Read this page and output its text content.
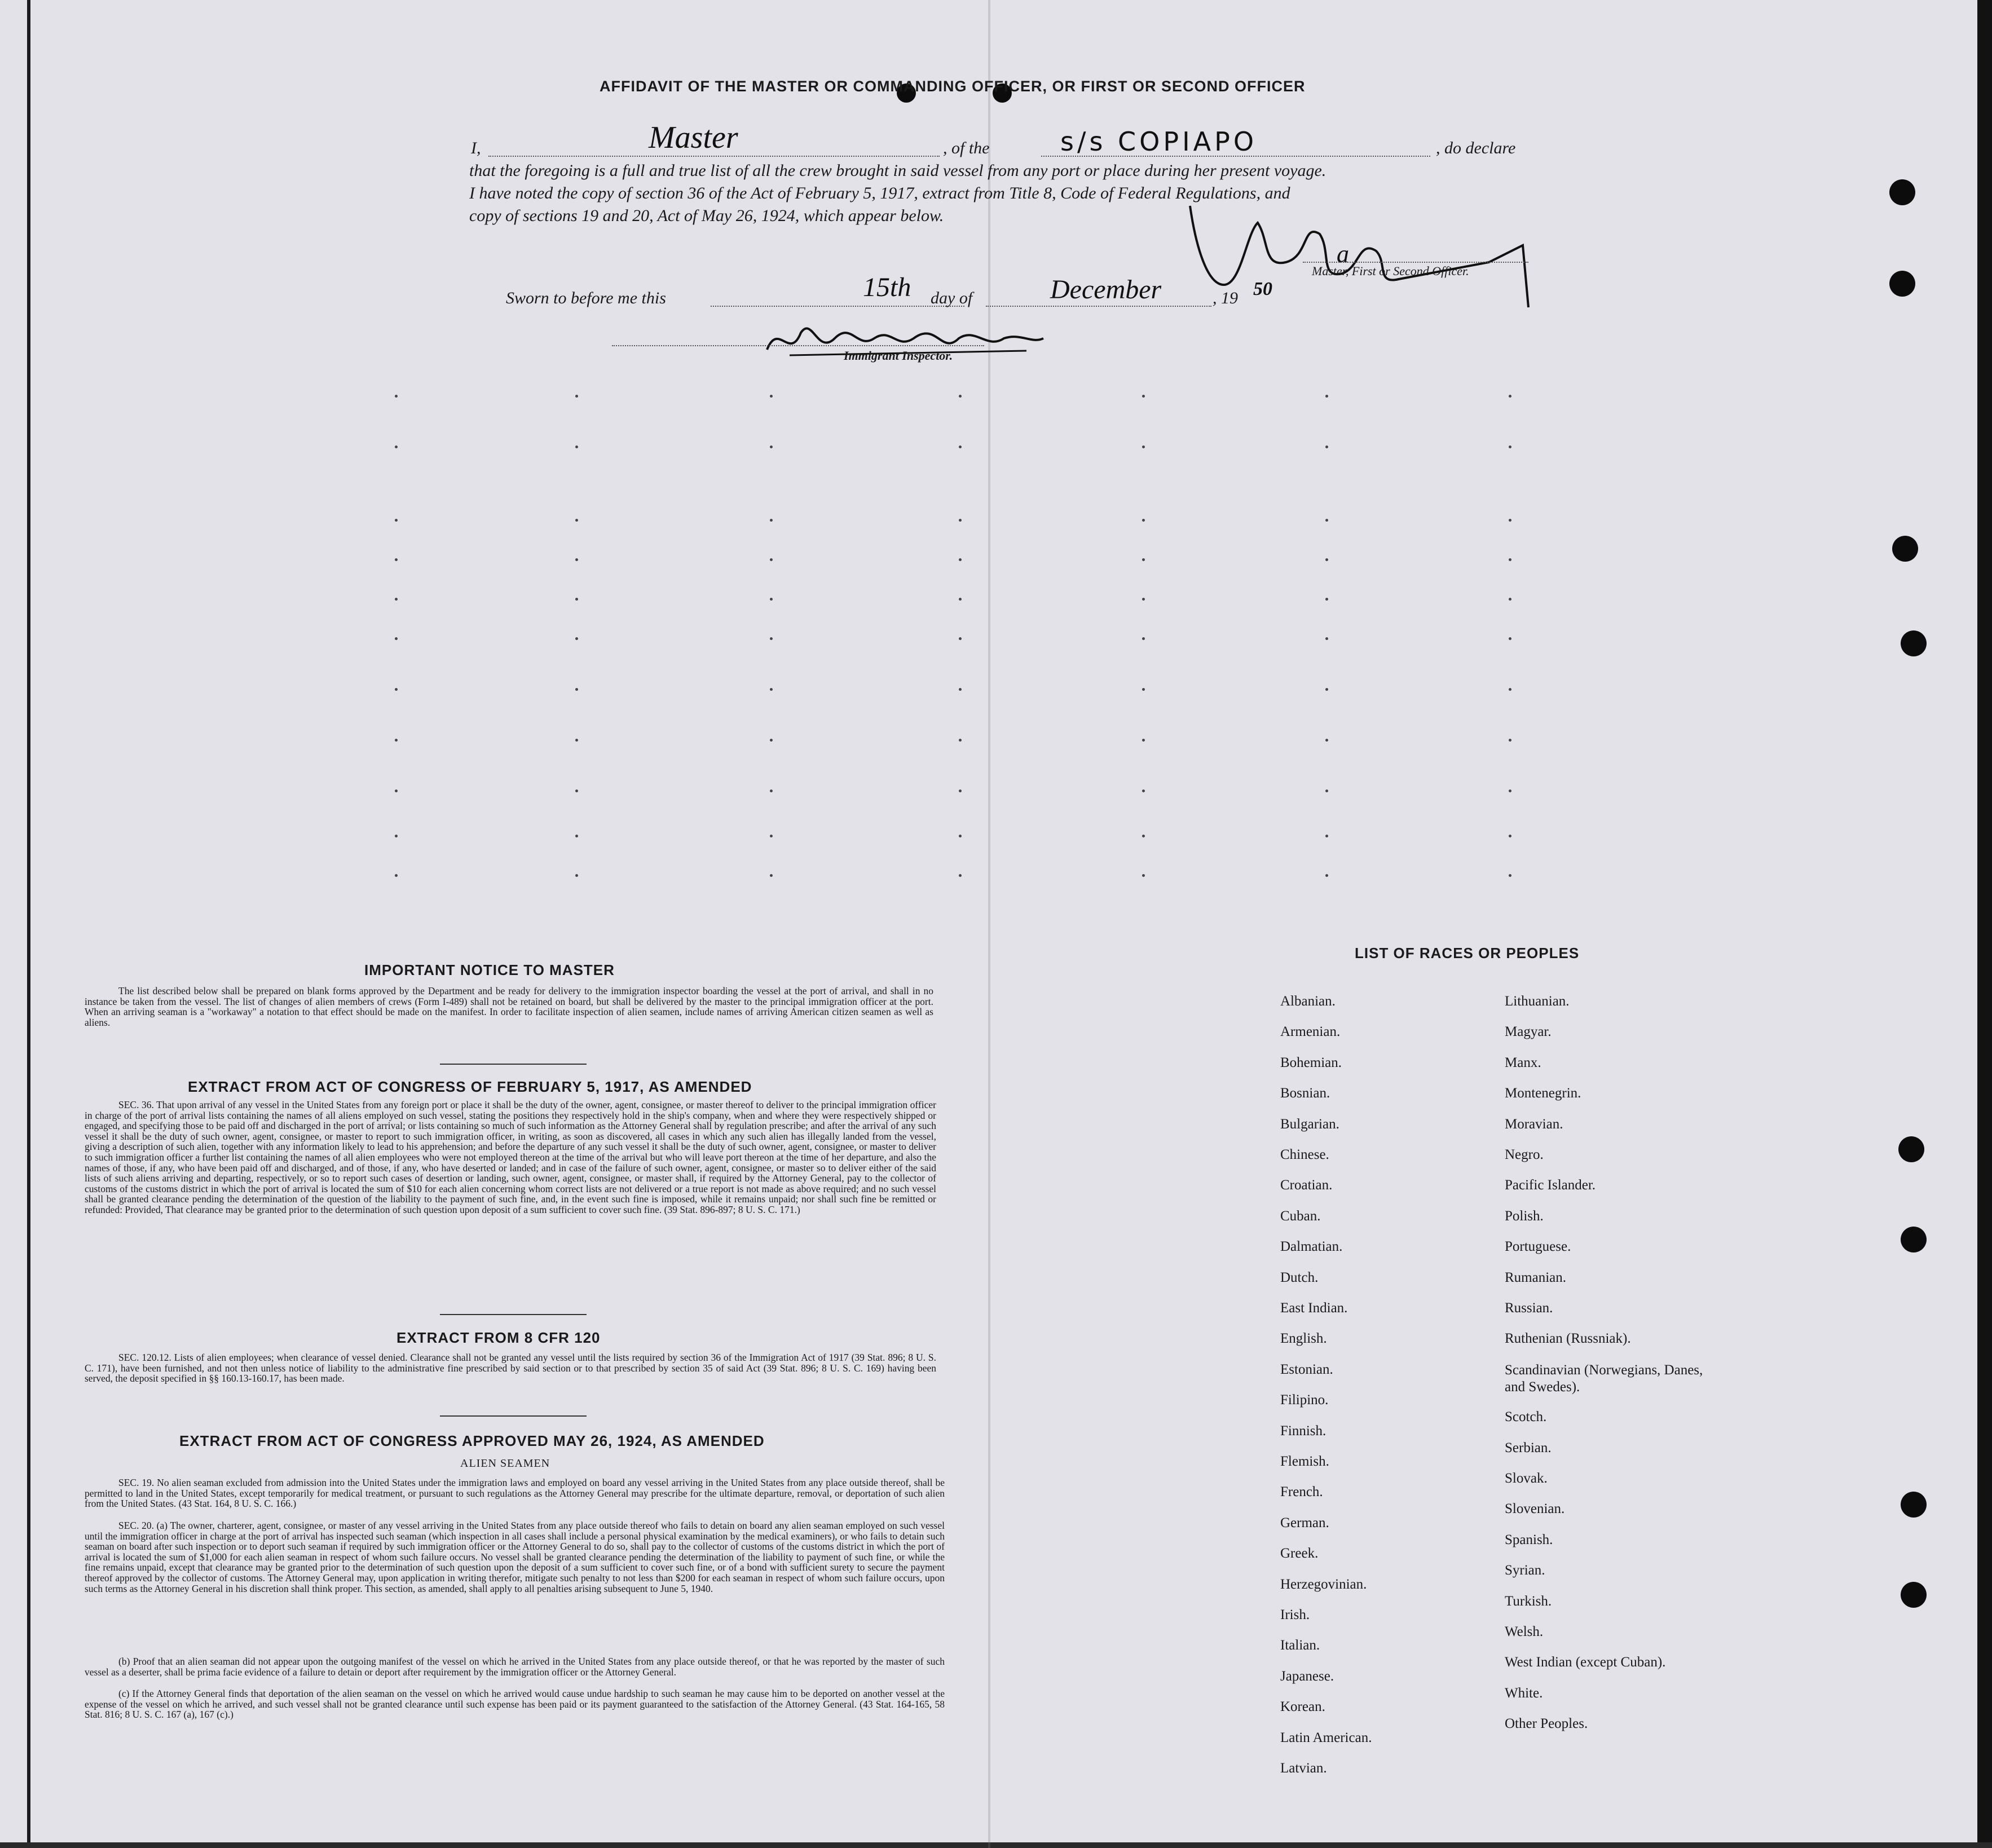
AFFIDAVIT OF THE MASTER OR COMMANDING OFFICER, OR FIRST OR SECOND OFFICER
I,	Master	, of the	s/s COPIAPO	, do declare
that the foregoing is a full and true list of all the crew brought in said vessel from any port or place during her present voyage.
I have noted the copy of section 36 of the Act of February 5, 1917, extract from Title 8, Code of Federal Regulations, and
copy of sections 19 and 20, Act of May 26, 1924, which appear below.
a
Master, First or Second Officer.
Sworn to before me this	15th day of	December	, 19 50
Immigrant Inspector.
IMPORTANT NOTICE TO MASTER
The list described below shall be prepared on blank forms approved by the Department and be ready for delivery to the immigration inspector boarding the vessel at the port of arrival, and shall in no instance be taken from the vessel. The list of changes of alien members of crews (Form I-489) shall not be retained on board, but shall be delivered by the master to the principal immigration officer at the port. When an arriving seaman is a "workaway" a notation to that effect should be made on the manifest. In order to facilitate inspection of alien seamen, include names of arriving American citizen seamen as well as aliens.
EXTRACT FROM ACT OF CONGRESS OF FEBRUARY 5, 1917, AS AMENDED
SEC. 36. That upon arrival of any vessel in the United States from any foreign port or place it shall be the duty of the owner, agent, consignee, or master thereof to deliver to the principal immigration officer in charge of the port of arrival lists containing the names of all aliens employed on such vessel, stating the positions they respectively hold in the ship's company, when and where they were respectively shipped or engaged, and specifying those to be paid off and discharged in the port of arrival; or lists containing so much of such information as the Attorney General shall by regulation prescribe; and after the arrival of any such vessel it shall be the duty of such owner, agent, consignee, or master to report to such immigration officer, in writing, as soon as discovered, all cases in which any such alien has illegally landed from the vessel, giving a description of such alien, together with any information likely to lead to his apprehension; and before the departure of any such vessel it shall be the duty of such owner, agent, consignee, or master to deliver to such immigration officer a further list containing the names of all alien employees who were not employed thereon at the time of the arrival but who will leave port thereon at the time of her departure, and also the names of those, if any, who have been paid off and discharged, and of those, if any, who have deserted or landed; and in case of the failure of such owner, agent, consignee, or master so to deliver either of the said lists of such aliens arriving and departing, respectively, or so to report such cases of desertion or landing, such owner, agent, consignee, or master shall, if required by the Attorney General, pay to the collector of customs of the customs district in which the port of arrival is located the sum of $10 for each alien concerning whom correct lists are not delivered or a true report is not made as above required; and no such vessel shall be granted clearance pending the determination of the question of the liability to the payment of such fine, and, in the event such fine is imposed, while it remains unpaid; nor shall such fine be remitted or refunded: Provided, That clearance may be granted prior to the determination of such question upon deposit of a sum sufficient to cover such fine. (39 Stat. 896-897; 8 U. S. C. 171.)
EXTRACT FROM 8 CFR 120
SEC. 120.12. Lists of alien employees; when clearance of vessel denied. Clearance shall not be granted any vessel until the lists required by section 36 of the Immigration Act of 1917 (39 Stat. 896; 8 U. S. C. 171), have been furnished, and not then unless notice of liability to the administrative fine prescribed by said section or to that prescribed by section 35 of said Act (39 Stat. 896; 8 U. S. C. 169) having been served, the deposit specified in §§ 160.13-160.17, has been made.
EXTRACT FROM ACT OF CONGRESS APPROVED MAY 26, 1924, AS AMENDED
ALIEN SEAMEN
SEC. 19. No alien seaman excluded from admission into the United States under the immigration laws and employed on board any vessel arriving in the United States from any place outside thereof, shall be permitted to land in the United States, except temporarily for medical treatment, or pursuant to such regulations as the Attorney General may prescribe for the ultimate departure, removal, or deportation of such alien from the United States. (43 Stat. 164, 8 U. S. C. 166.)
SEC. 20. (a) The owner, charterer, agent, consignee, or master of any vessel arriving in the United States from any place outside thereof who fails to detain on board any alien seaman employed on such vessel until the immigration officer in charge at the port of arrival has inspected such seaman (which inspection in all cases shall include a personal physical examination by the medical examiners), or who fails to detain such seaman on board after such inspection or to deport such seaman if required by such immigration officer or the Attorney General to do so, shall pay to the collector of customs of the customs district in which the port of arrival is located the sum of $1,000 for each alien seaman in respect of whom such failure occurs. No vessel shall be granted clearance pending the determination of the liability to payment of such fine, or while the fine remains unpaid, except that clearance may be granted prior to the determination of such question upon the deposit of a sum sufficient to cover such fine, or of a bond with sufficient surety to secure the payment thereof approved by the collector of customs. The Attorney General may, upon application in writing therefor, mitigate such penalty to not less than $200 for each seaman in respect of whom such failure occurs, upon such terms as the Attorney General in his discretion shall think proper. This section, as amended, shall apply to all penalties arising subsequent to June 5, 1940.
(b) Proof that an alien seaman did not appear upon the outgoing manifest of the vessel on which he arrived in the United States from any place outside thereof, or that he was reported by the master of such vessel as a deserter, shall be prima facie evidence of a failure to detain or deport after requirement by the immigration officer or the Attorney General.
(c) If the Attorney General finds that deportation of the alien seaman on the vessel on which he arrived would cause undue hardship to such seaman he may cause him to be deported on another vessel at the expense of the vessel on which he arrived, and such vessel shall not be granted clearance until such expense has been paid or its payment guaranteed to the satisfaction of the Attorney General. (43 Stat. 164-165, 58 Stat. 816; 8 U. S. C. 167 (a), 167 (c).)
LIST OF RACES OR PEOPLES
Albanian.
Armenian.
Bohemian.
Bosnian.
Bulgarian.
Chinese.
Croatian.
Cuban.
Dalmatian.
Dutch.
East Indian.
English.
Estonian.
Filipino.
Finnish.
Flemish.
French.
German.
Greek.
Herzegovinian.
Irish.
Italian.
Japanese.
Korean.
Latin American.
Latvian.
Lithuanian.
Magyar.
Manx.
Montenegrin.
Moravian.
Negro.
Pacific Islander.
Polish.
Portuguese.
Rumanian.
Russian.
Ruthenian (Russniak).
Scandinavian (Norwegians, Danes, and Swedes).
Scotch.
Serbian.
Slovak.
Slovenian.
Spanish.
Syrian.
Turkish.
Welsh.
West Indian (except Cuban).
White.
Other Peoples.
